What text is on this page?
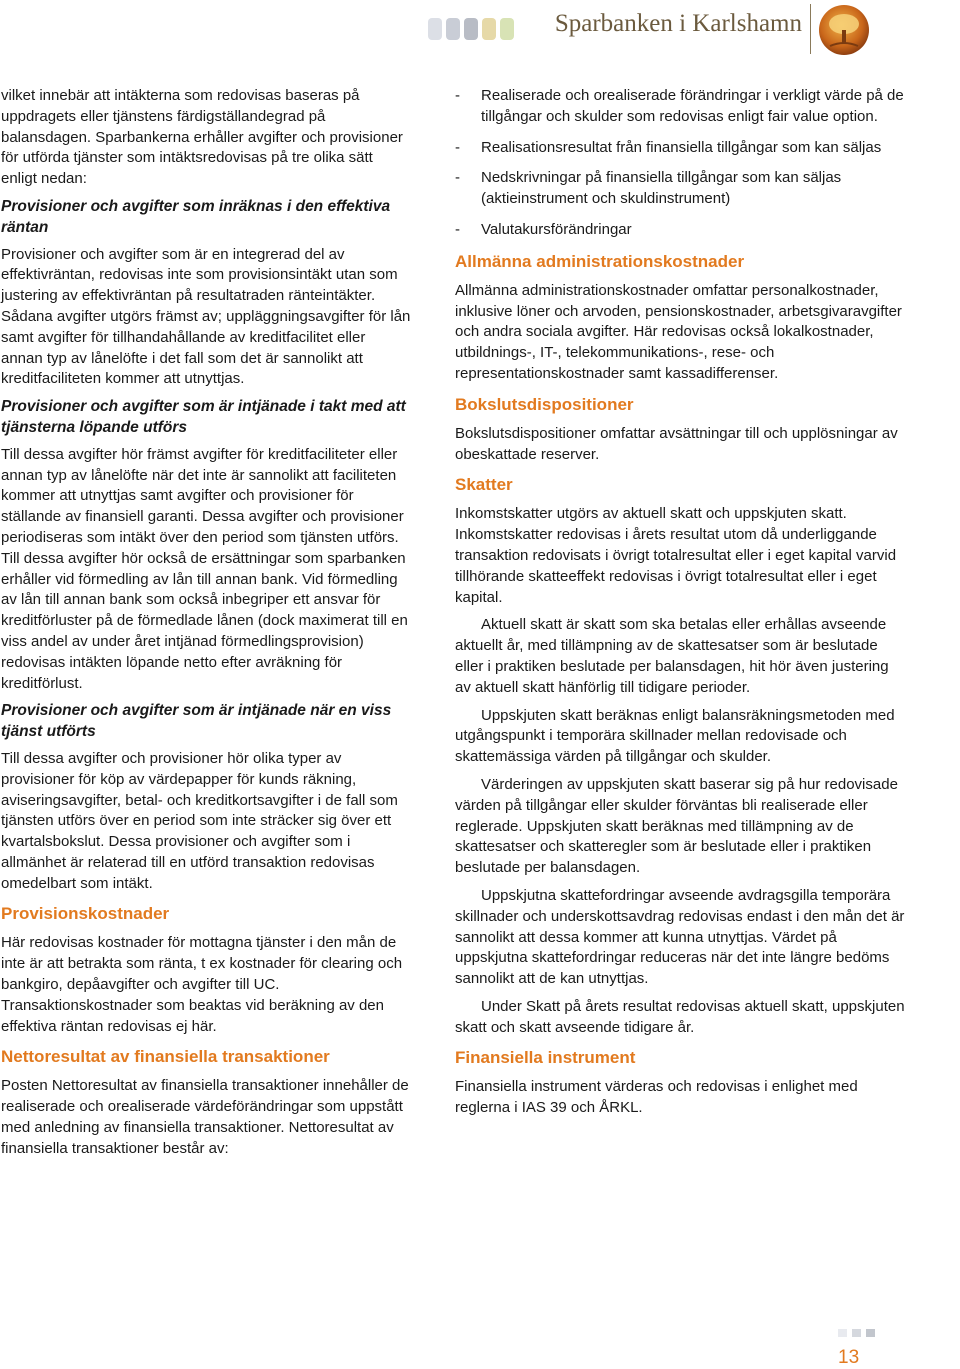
Sparbanken i Karlshamn

vilket innebär att intäkterna som redovisas baseras på uppdragets eller tjänstens färdigställandegrad på balansdagen. Sparbankerna erhåller avgifter och provisioner för utförda tjänster som intäktsredovisas på tre olika sätt enligt nedan:

Provisioner och avgifter som inräknas i den effektiva räntan

Provisioner och avgifter som är en integrerad del av effektivräntan, redovisas inte som provisionsintäkt utan som justering av effektivräntan på resultatraden ränteintäkter. Sådana avgifter utgörs främst av; uppläggningsavgifter för lån samt avgifter för tillhandahållande av kreditfacilitet eller annan typ av lånelöfte i det fall som det är sannolikt att kreditfaciliteten kommer att utnyttjas.

Provisioner och avgifter som är intjänade i takt med att tjänsterna löpande utförs

Till dessa avgifter hör främst avgifter för kreditfaciliteter eller annan typ av lånelöfte när det inte är sannolikt att faciliteten kommer att utnyttjas samt avgifter och provisioner för ställande av finansiell garanti. Dessa avgifter och provisioner periodiseras som intäkt över den period som tjänsten utförs. Till dessa avgifter hör också de ersättningar som sparbanken erhåller vid förmedling av lån till annan bank. Vid förmedling av lån till annan bank som också inbegriper ett ansvar för kreditförluster på de förmedlade lånen (dock maximerat till en viss andel av under året intjänad förmedlingsprovision) redovisas intäkten löpande netto efter avräkning för kreditförlust.

Provisioner och avgifter som är intjänade när en viss tjänst utförts

Till dessa avgifter och provisioner hör olika typer av provisioner för köp av värdepapper för kunds räkning, aviseringsavgifter, betal- och kreditkortsavgifter i de fall som tjänsten utförs över en period som inte sträcker sig över ett kvartalsbokslut. Dessa provisioner och avgifter som i allmänhet är relaterad till en utförd transaktion redovisas omedelbart som intäkt.

Provisionskostnader

Här redovisas kostnader för mottagna tjänster i den mån de inte är att betrakta som ränta, t ex kostnader för clearing och bankgiro, depåavgifter och avgifter till UC. Transaktionskostnader som beaktas vid beräkning av den effektiva räntan redovisas ej här.

Nettoresultat av finansiella transaktioner

Posten Nettoresultat av finansiella transaktioner innehåller de realiserade och orealiserade värdeförändringar som uppstått med anledning av finansiella transaktioner. Nettoresultat av finansiella transaktioner består av:

- Realiserade och orealiserade förändringar i verkligt värde på de tillgångar och skulder som redovisas enligt fair value option.
- Realisationsresultat från finansiella tillgångar som kan säljas
- Nedskrivningar på finansiella tillgångar som kan säljas (aktieinstrument och skuldinstrument)
- Valutakursförändringar
Allmänna administrationskostnader

Allmänna administrationskostnader omfattar personalkostnader, inklusive löner och arvoden, pensionskostnader, arbetsgivaravgifter och andra sociala avgifter. Här redovisas också lokalkostnader, utbildnings-, IT-, telekommunikations-, rese- och representationskostnader samt kassadifferenser.

Bokslutsdispositioner

Bokslutsdispositioner omfattar avsättningar till och upplösningar av obeskattade reserver.

Skatter

Inkomstskatter utgörs av aktuell skatt och uppskjuten skatt. Inkomstskatter redovisas i årets resultat utom då underliggande transaktion redovisats i övrigt totalresultat eller i eget kapital varvid tillhörande skatteeffekt redovisas i övrigt totalresultat eller i eget kapital.

Aktuell skatt är skatt som ska betalas eller erhållas avseende aktuellt år, med tillämpning av de skattesatser som är beslutade eller i praktiken beslutade per balansdagen, hit hör även justering av aktuell skatt hänförlig till tidigare perioder.

Uppskjuten skatt beräknas enligt balansräkningsmetoden med utgångspunkt i temporära skillnader mellan redovisade och skattemässiga värden på tillgångar och skulder.

Värderingen av uppskjuten skatt baserar sig på hur redovisade värden på tillgångar eller skulder förväntas bli realiserade eller reglerade. Uppskjuten skatt beräknas med tillämpning av de skattesatser och skatteregler som är beslutade eller i praktiken beslutade per balansdagen.

Uppskjutna skattefordringar avseende avdragsgilla temporära skillnader och underskottsavdrag redovisas endast i den mån det är sannolikt att dessa kommer att kunna utnyttjas. Värdet på uppskjutna skattefordringar reduceras när det inte längre bedöms sannolikt att de kan utnyttjas.

Under Skatt på årets resultat redovisas aktuell skatt, uppskjuten skatt och skatt avseende tidigare år.

Finansiella instrument

Finansiella instrument värderas och redovisas i enlighet med reglerna i IAS 39 och ÅRKL.

13
